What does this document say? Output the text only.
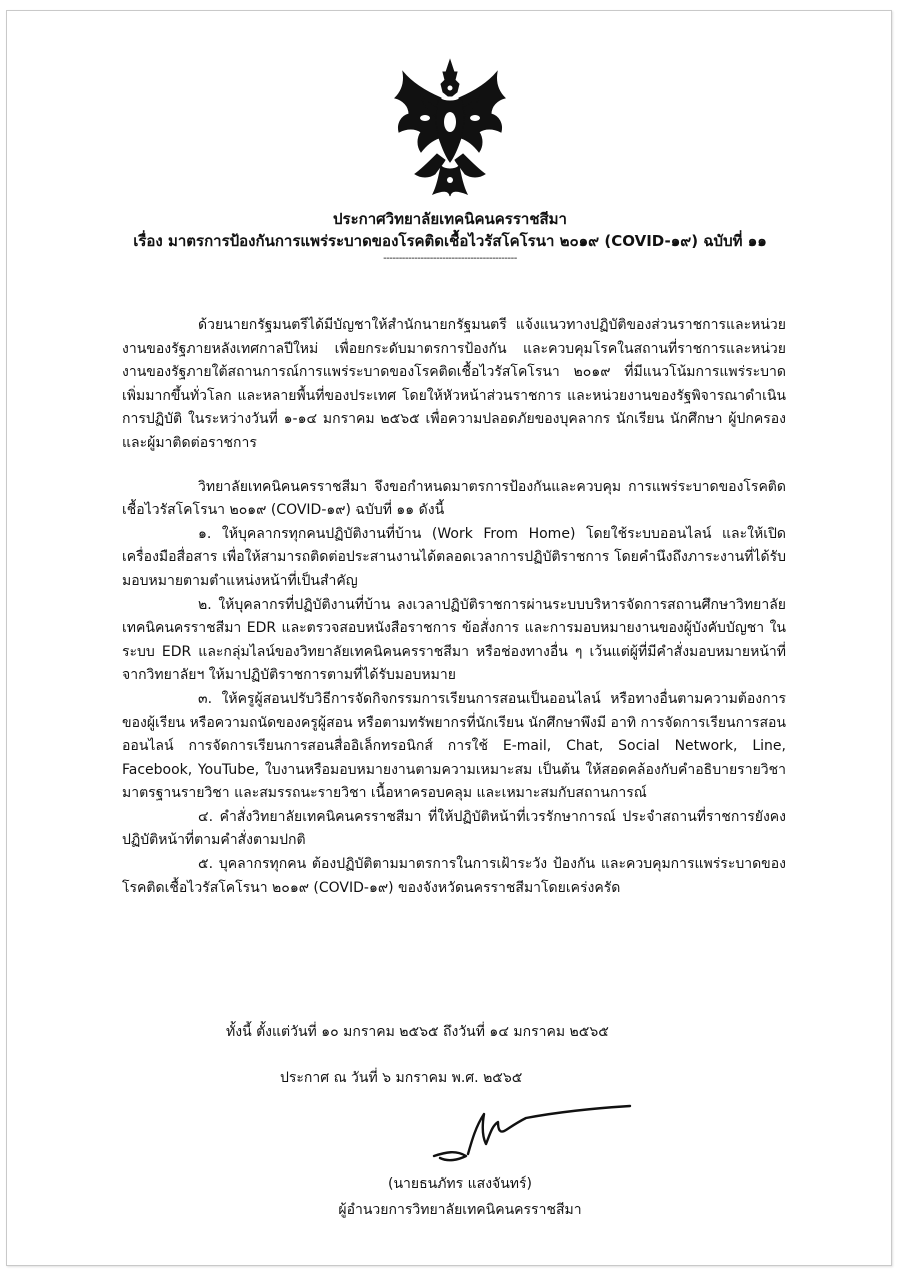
ประกาศวิทยาลัยเทคนิคนครราชสีมา
เรื่อง มาตรการป้องกันการแพร่ระบาดของโรคติดเชื้อไวรัสโคโรนา ๒๐๑๙ (COVID-๑๙) ฉบับที่ ๑๑
-------------------------------------------

ด้วยนายกรัฐมนตรีได้มีบัญชาให้สำนักนายกรัฐมนตรี แจ้งแนวทางปฏิบัติของส่วนราชการและหน่วยงานของรัฐภายหลังเทศกาลปีใหม่ เพื่อยกระดับมาตรการป้องกัน และควบคุมโรคในสถานที่ราชการและหน่วยงานของรัฐภายใต้สถานการณ์การแพร่ระบาดของโรคติดเชื้อไวรัสโคโรนา ๒๐๑๙ ที่มีแนวโน้มการแพร่ระบาดเพิ่มมากขึ้นทั่วโลก และหลายพื้นที่ของประเทศ โดยให้หัวหน้าส่วนราชการ และหน่วยงานของรัฐพิจารณาดำเนินการปฏิบัติ ในระหว่างวันที่ ๑-๑๔ มกราคม ๒๕๖๕ เพื่อความปลอดภัยของบุคลากร นักเรียน นักศึกษา ผู้ปกครอง และผู้มาติดต่อราชการ

วิทยาลัยเทคนิคนครราชสีมา จึงขอกำหนดมาตรการป้องกันและควบคุม การแพร่ระบาดของโรคติดเชื้อไวรัสโคโรนา ๒๐๑๙ (COVID-๑๙) ฉบับที่ ๑๑ ดังนี้

๑. ให้บุคลากรทุกคนปฏิบัติงานที่บ้าน (Work From Home) โดยใช้ระบบออนไลน์ และให้เปิดเครื่องมือสื่อสาร เพื่อให้สามารถติดต่อประสานงานได้ตลอดเวลาการปฏิบัติราชการ โดยคำนึงถึงภาระงานที่ได้รับมอบหมายตามตำแหน่งหน้าที่เป็นสำคัญ

๒. ให้บุคลากรที่ปฏิบัติงานที่บ้าน ลงเวลาปฏิบัติราชการผ่านระบบบริหารจัดการสถานศึกษาวิทยาลัยเทคนิคนครราชสีมา EDR และตรวจสอบหนังสือราชการ ข้อสั่งการ และการมอบหมายงานของผู้บังคับบัญชา ในระบบ EDR และกลุ่มไลน์ของวิทยาลัยเทคนิคนครราชสีมา หรือช่องทางอื่น ๆ เว้นแต่ผู้ที่มีคำสั่งมอบหมายหน้าที่จากวิทยาลัยฯ ให้มาปฏิบัติราชการตามที่ได้รับมอบหมาย

๓. ให้ครูผู้สอนปรับวิธีการจัดกิจกรรมการเรียนการสอนเป็นออนไลน์ หรือทางอื่นตามความต้องการของผู้เรียน หรือความถนัดของครูผู้สอน หรือตามทรัพยากรที่นักเรียน นักศึกษาพึงมี อาทิ การจัดการเรียนการสอนออนไลน์ การจัดการเรียนการสอนสื่ออิเล็กทรอนิกส์ การใช้ E-mail, Chat, Social Network, Line, Facebook, YouTube, ใบงานหรือมอบหมายงานตามความเหมาะสม เป็นต้น ให้สอดคล้องกับคำอธิบายรายวิชา มาตรฐานรายวิชา และสมรรถนะรายวิชา เนื้อหาครอบคลุม และเหมาะสมกับสถานการณ์

๔. คำสั่งวิทยาลัยเทคนิคนครราชสีมา ที่ให้ปฏิบัติหน้าที่เวรรักษาการณ์ ประจำสถานที่ราชการยังคงปฏิบัติหน้าที่ตามคำสั่งตามปกติ

๕. บุคลากรทุกคน ต้องปฏิบัติตามมาตรการในการเฝ้าระวัง ป้องกัน และควบคุมการแพร่ระบาดของโรคติดเชื้อไวรัสโคโรนา ๒๐๑๙ (COVID-๑๙) ของจังหวัดนครราชสีมาโดยเคร่งครัด

ทั้งนี้ ตั้งแต่วันที่ ๑๐ มกราคม ๒๕๖๕ ถึงวันที่ ๑๔ มกราคม ๒๕๖๕
ประกาศ ณ วันที่ ๖ มกราคม พ.ศ. ๒๕๖๕
(นายธนภัทร แสงจันทร์)
ผู้อำนวยการวิทยาลัยเทคนิคนครราชสีมา
